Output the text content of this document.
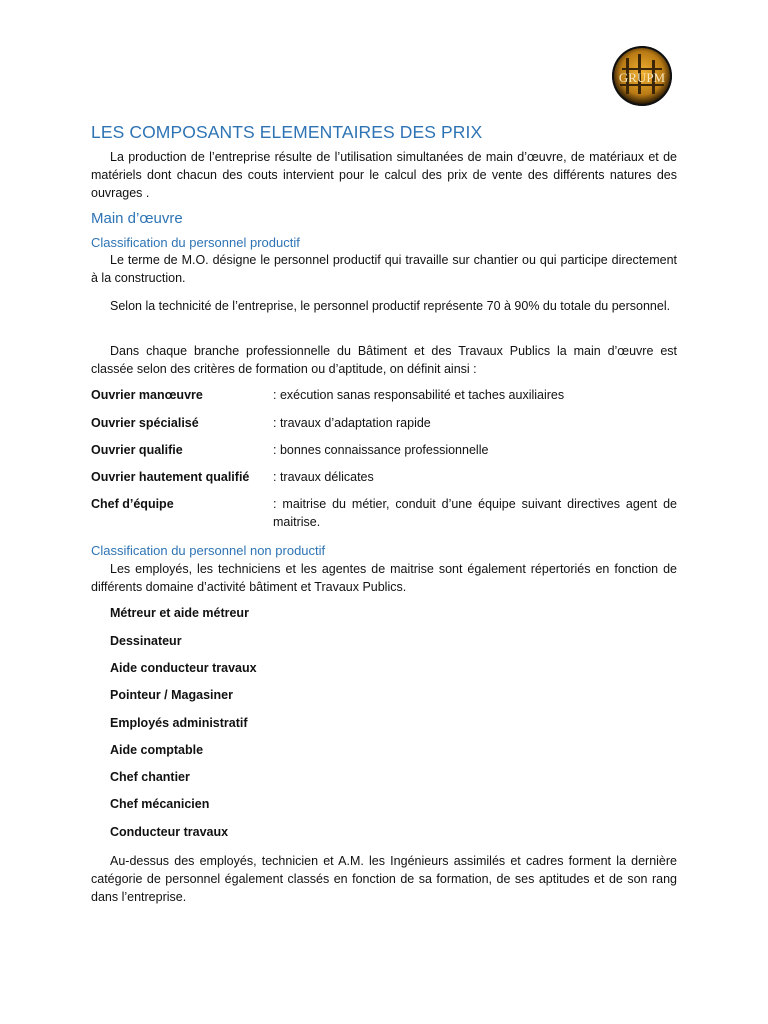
GRUPM
LES COMPOSANTS ELEMENTAIRES DES PRIX

La production de l’entreprise résulte de l’utilisation simultanées de main d’œuvre, de matériaux et de matériels dont chacun des couts intervient pour le calcul des prix de vente des différents natures des ouvrages .

Main d’œuvre
Classification du personnel productif

Le terme de M.O. désigne le personnel productif qui travaille sur chantier ou qui participe directement à la construction.

Selon la technicité de l’entreprise, le personnel productif représente 70 à 90% du totale du personnel.

Dans chaque branche professionnelle du Bâtiment et des Travaux Publics la main d’œuvre est classée selon des critères de formation ou d’aptitude, on définit ainsi :

Ouvrier manœuvre	: exécution sanas responsabilité et taches auxiliaires
Ouvrier spécialisé	: travaux d’adaptation rapide
Ouvrier qualifie	: bonnes connaissance professionnelle
Ouvrier hautement qualifié : travaux délicates
Chef d’équipe	: maitrise du métier, conduit d’une équipe suivant directives agent de maitrise.
Classification du personnel non productif

Les employés, les techniciens et les agentes de maitrise sont également répertoriés en fonction de différents domaine d’activité bâtiment et Travaux Publics.

Métreur et aide métreur
Dessinateur
Aide conducteur travaux
Pointeur / Magasiner
Employés administratif
Aide comptable
Chef chantier
Chef mécanicien
Conducteur travaux

Au-dessus des employés, technicien et A.M. les Ingénieurs assimilés et cadres forment la dernière catégorie de personnel également classés en fonction de sa formation, de ses aptitudes et de son rang dans l’entreprise.
